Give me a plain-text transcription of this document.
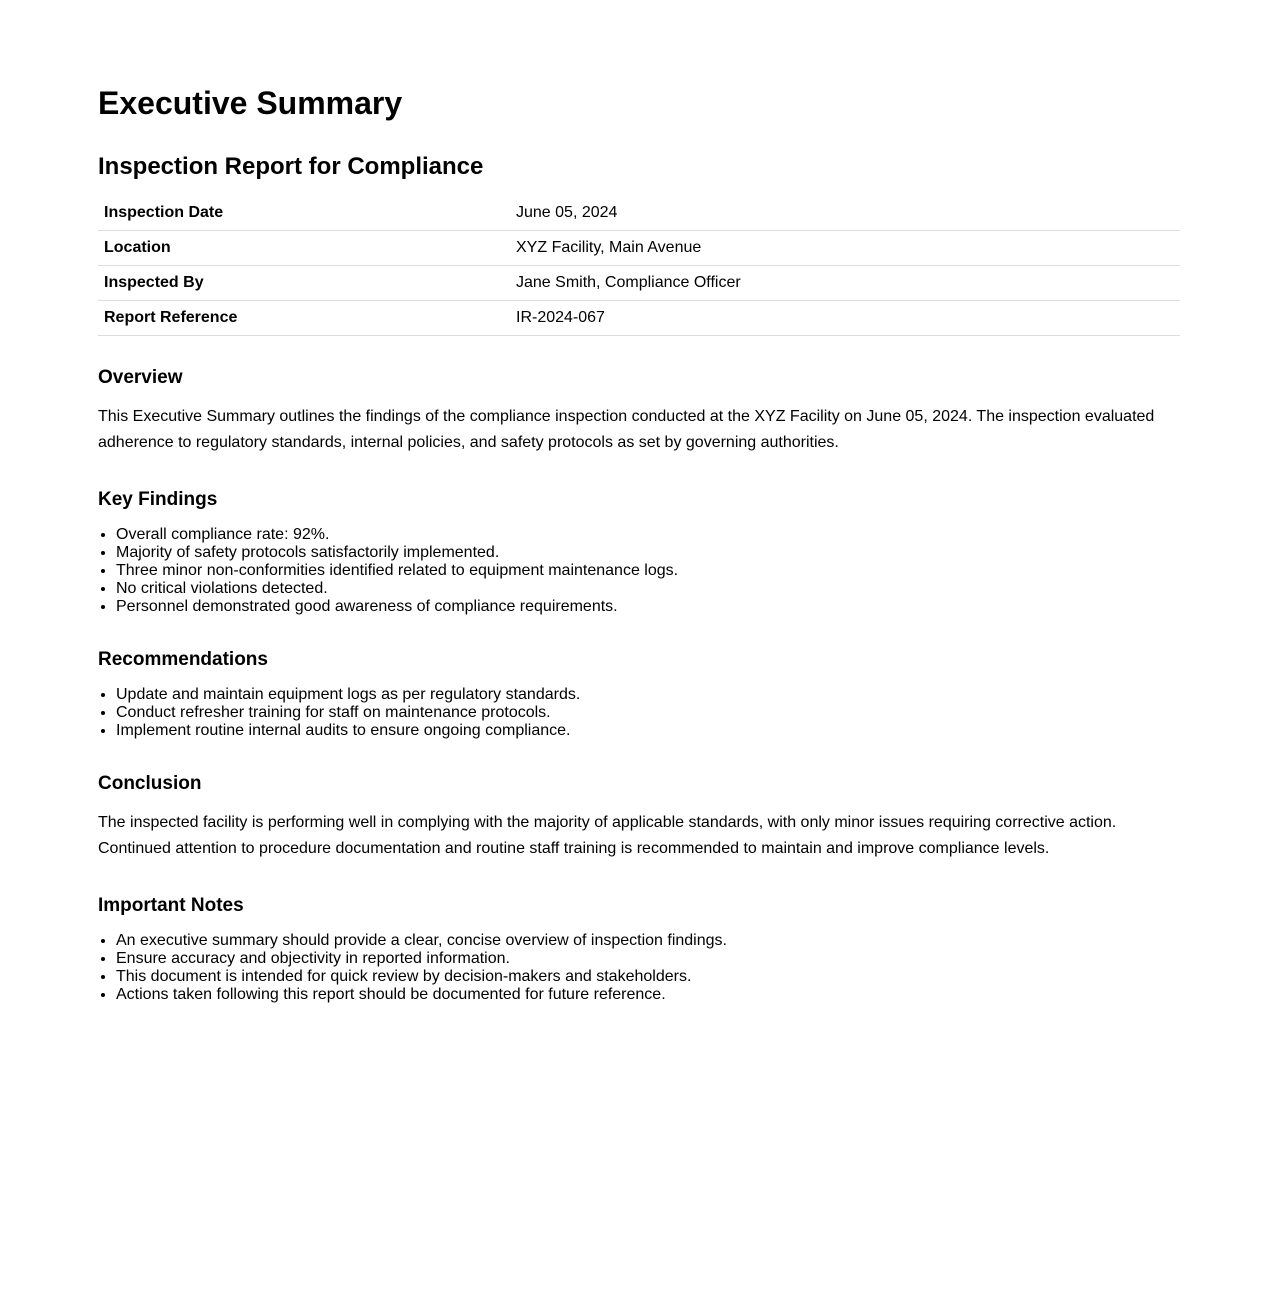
Executive Summary
Inspection Report for Compliance
Inspection Date	June 05, 2024
Location	XYZ Facility, Main Avenue
Inspected By	Jane Smith, Compliance Officer
Report Reference	IR-2024-067
Overview

This Executive Summary outlines the findings of the compliance inspection conducted at the XYZ Facility on June 05, 2024. The inspection evaluated adherence to regulatory standards, internal policies, and safety protocols as set by governing authorities.

Key Findings
• Overall compliance rate: 92%.
• Majority of safety protocols satisfactorily implemented.
• Three minor non-conformities identified related to equipment maintenance logs.
• No critical violations detected.
• Personnel demonstrated good awareness of compliance requirements.
Recommendations
• Update and maintain equipment logs as per regulatory standards.
• Conduct refresher training for staff on maintenance protocols.
• Implement routine internal audits to ensure ongoing compliance.
Conclusion

The inspected facility is performing well in complying with the majority of applicable standards, with only minor issues requiring corrective action. Continued attention to procedure documentation and routine staff training is recommended to maintain and improve compliance levels.

Important Notes
• An executive summary should provide a clear, concise overview of inspection findings.
• Ensure accuracy and objectivity in reported information.
• This document is intended for quick review by decision-makers and stakeholders.
• Actions taken following this report should be documented for future reference.
